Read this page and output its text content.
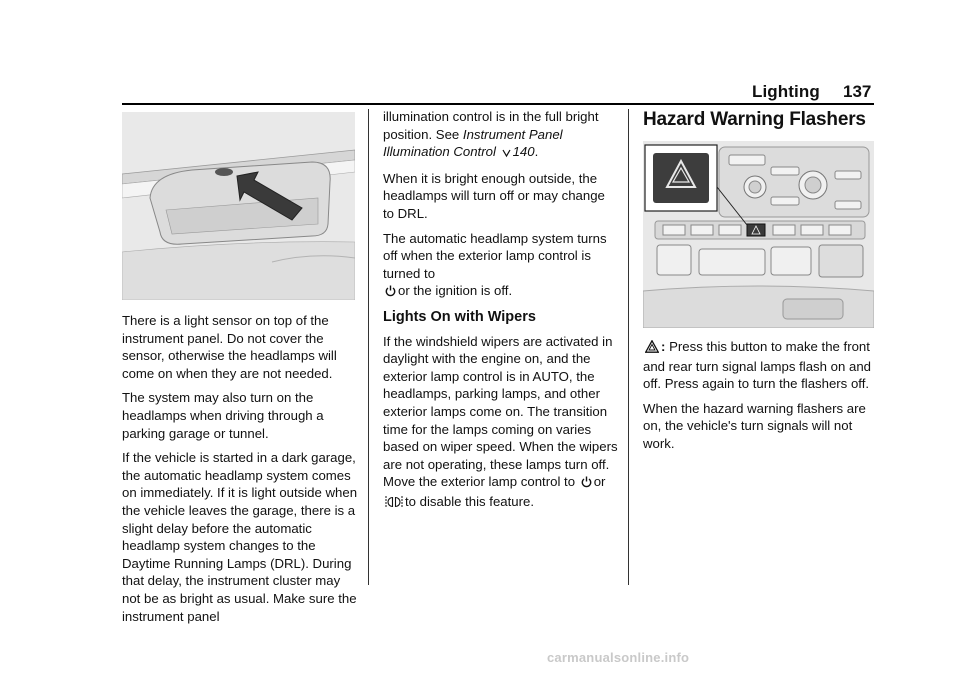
Lighting 137

There is a light sensor on top of the instrument panel. Do not cover the sensor, otherwise the headlamps will come on when they are not needed.

The system may also turn on the headlamps when driving through a parking garage or tunnel.

If the vehicle is started in a dark garage, the automatic headlamp system comes on immediately. If it is light outside when the vehicle leaves the garage, there is a slight delay before the automatic headlamp system changes to the Daytime Running Lamps (DRL). During that delay, the instrument cluster may not be as bright as usual. Make sure the instrument panel

illumination control is in the full bright position. See Instrument Panel Illumination Control 140.

When it is bright enough outside, the headlamps will turn off or may change to DRL.

The automatic headlamp system turns off when the exterior lamp control is turned to
or the ignition is off.

Lights On with Wipers

If the windshield wipers are activated in daylight with the engine on, and the exterior lamp control is in AUTO, the headlamps, parking lamps, and other exterior lamps come on. The transition time for the lamps coming on varies based on wiper speed. When the wipers are not operating, these lamps turn off. Move the exterior lamp control to or to disable this feature.

Hazard Warning Flashers

: Press this button to make the front and rear turn signal lamps flash on and off. Press again to turn the flashers off.

When the hazard warning flashers are on, the vehicle's turn signals will not work.

carmanualsonline.info
